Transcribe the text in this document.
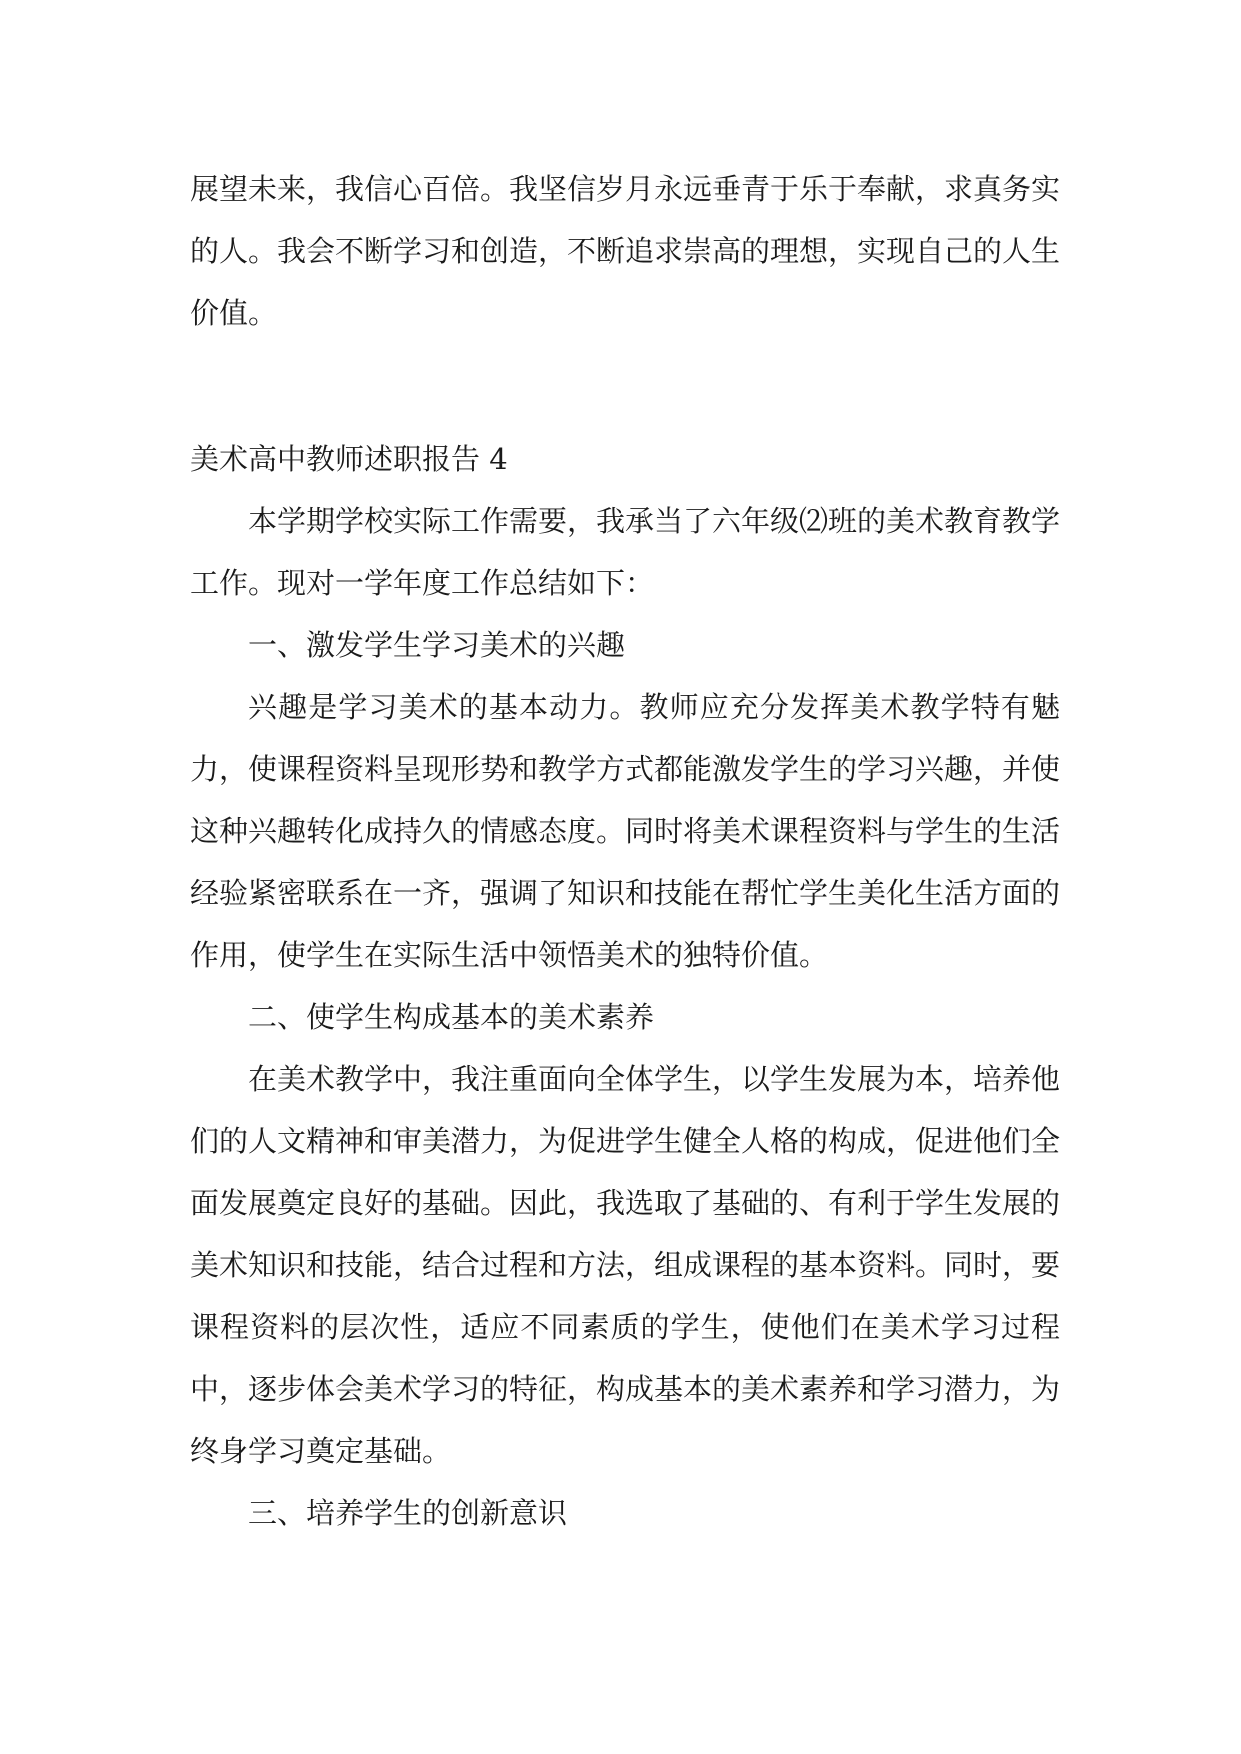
展望未来，我信心百倍。我坚信岁月永远垂青于乐于奉献，求真务实的人。我会不断学习和创造，不断追求崇高的理想，实现自己的人生价值。

美术高中教师述职报告 4

本学期学校实际工作需要，我承当了六年级⑵班的美术教育教学工作。现对一学年度工作总结如下：

一、激发学生学习美术的兴趣

兴趣是学习美术的基本动力。教师应充分发挥美术教学特有魅力，使课程资料呈现形势和教学方式都能激发学生的学习兴趣，并使这种兴趣转化成持久的情感态度。同时将美术课程资料与学生的生活经验紧密联系在一齐，强调了知识和技能在帮忙学生美化生活方面的作用，使学生在实际生活中领悟美术的独特价值。

二、使学生构成基本的美术素养

在美术教学中，我注重面向全体学生，以学生发展为本，培养他们的人文精神和审美潜力，为促进学生健全人格的构成，促进他们全面发展奠定良好的基础。因此，我选取了基础的、有利于学生发展的美术知识和技能，结合过程和方法，组成课程的基本资料。同时，要课程资料的层次性，适应不同素质的学生，使他们在美术学习过程中，逐步体会美术学习的特征，构成基本的美术素养和学习潜力，为终身学习奠定基础。

三、培养学生的创新意识
